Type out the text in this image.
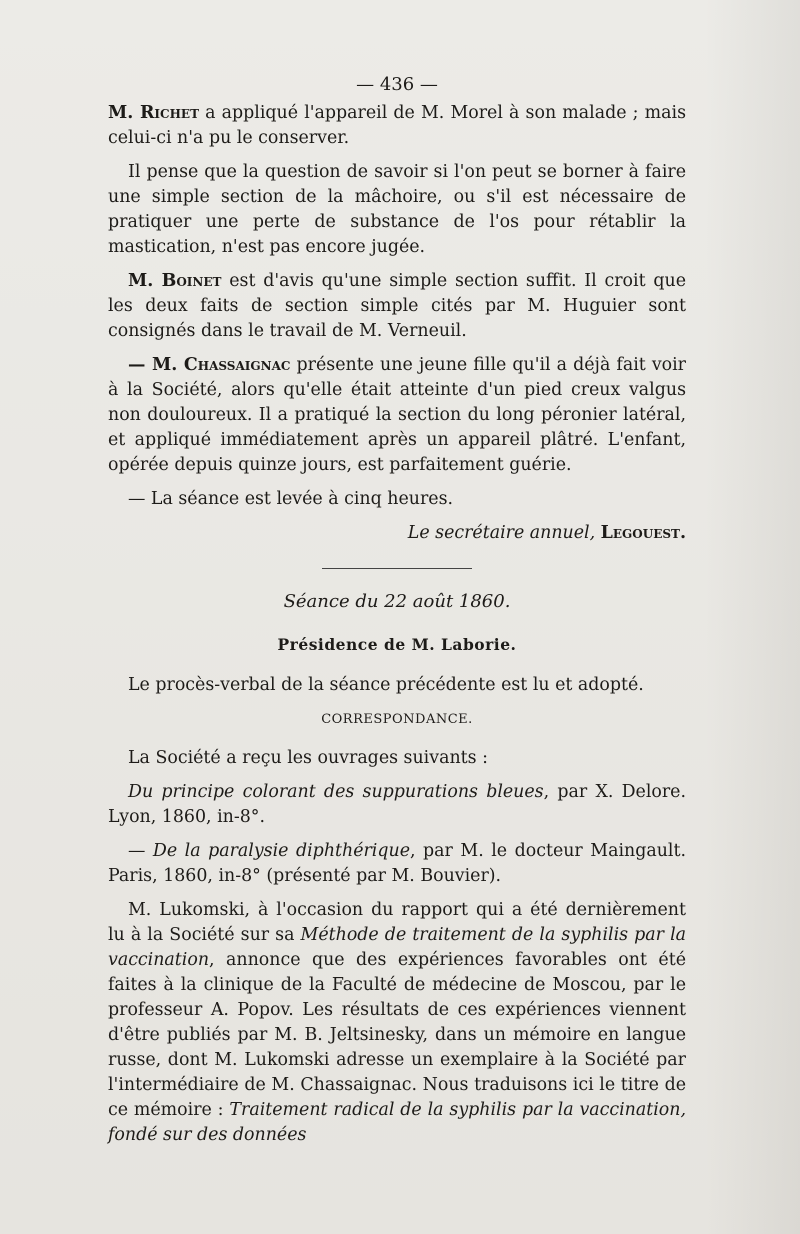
— 436 —

M. Richet a appliqué l'appareil de M. Morel à son malade ; mais celui-ci n'a pu le conserver.

Il pense que la question de savoir si l'on peut se borner à faire une simple section de la mâchoire, ou s'il est nécessaire de pratiquer une perte de substance de l'os pour rétablir la mastication, n'est pas encore jugée.

M. Boinet est d'avis qu'une simple section suffit. Il croit que les deux faits de section simple cités par M. Huguier sont consignés dans le travail de M. Verneuil.

— M. Chassaignac présente une jeune fille qu'il a déjà fait voir à la Société, alors qu'elle était atteinte d'un pied creux valgus non douloureux. Il a pratiqué la section du long péronier latéral, et appliqué immédiatement après un appareil plâtré. L'enfant, opérée depuis quinze jours, est parfaitement guérie.

— La séance est levée à cinq heures.

Le secrétaire annuel, Legouest.

Séance du 22 août 1860.

Présidence de M. Laborie.

Le procès-verbal de la séance précédente est lu et adopté.

CORRESPONDANCE.

La Société a reçu les ouvrages suivants :

Du principe colorant des suppurations bleues, par X. Delore. Lyon, 1860, in-8°.

— De la paralysie diphthérique, par M. le docteur Maingault. Paris, 1860, in-8° (présenté par M. Bouvier).

M. Lukomski, à l'occasion du rapport qui a été dernièrement lu à la Société sur sa Méthode de traitement de la syphilis par la vaccination, annonce que des expériences favorables ont été faites à la clinique de la Faculté de médecine de Moscou, par le professeur A. Popov. Les résultats de ces expériences viennent d'être publiés par M. B. Jeltsinesky, dans un mémoire en langue russe, dont M. Lukomski adresse un exemplaire à la Société par l'intermédiaire de M. Chassaignac. Nous traduisons ici le titre de ce mémoire : Traitement radical de la syphilis par la vaccination, fondé sur des données
